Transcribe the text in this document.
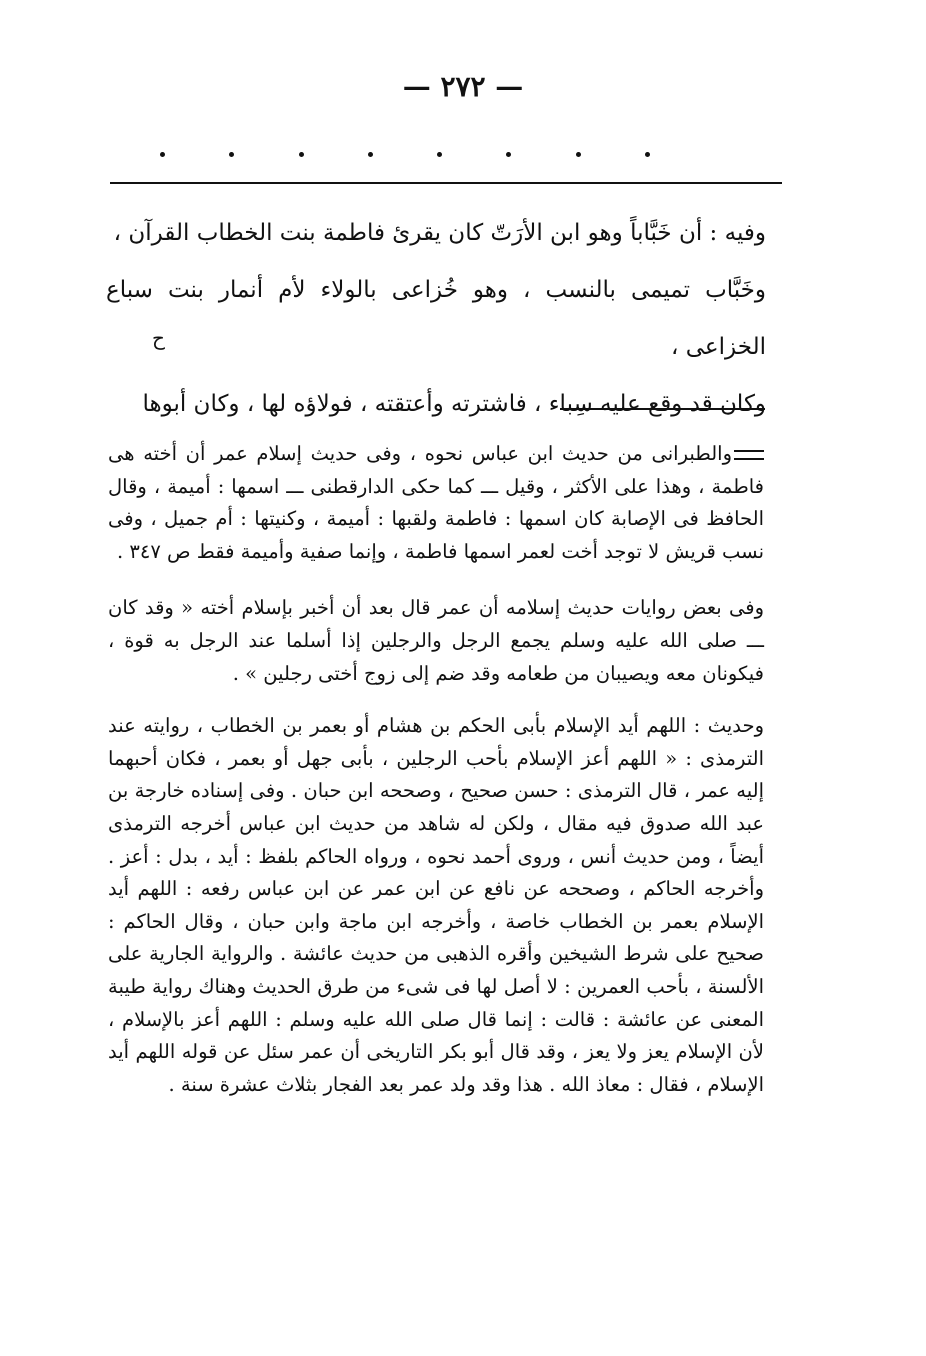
— ٢٧٢ —

وفيه : أن خَبَّاباً وهو ابن الأرَتّ كان يقرئ فاطمة بنت الخطاب القرآن ،

وخَبَّاب تميمى بالنسب ، وهو خُزاعى بالولاء لأم أنمار بنت سباع الخزاعى ،

وكان قد وقع عليه سِباء ، فاشترته وأعتقته ، فولاؤه لها ، وكان أبوها

ح

والطبرانى من حديث ابن عباس نحوه ، وفى حديث إسلام عمر أن أخته هى فاطمة ، وهذا على الأكثر ، وقيل ـــ كما حكى الدارقطنى ـــ اسمها : أميمة ، وقال الحافظ فى الإصابة كان اسمها : فاطمة ولقبها : أميمة ، وكنيتها : أم جميل ، وفى نسب قريش لا توجد أخت لعمر اسمها فاطمة ، وإنما صفية وأميمة فقط ص ٣٤٧ .

وفى بعض روايات حديث إسلامه أن عمر قال بعد أن أخبر بإسلام أخته « وقد كان ـــ صلى الله عليه وسلم يجمع الرجل والرجلين إذا أسلما عند الرجل به قوة ، فيكونان معه ويصيبان من طعامه وقد ضم إلى زوج أختى رجلين » .

وحديث : اللهم أيد الإسلام بأبى الحكم بن هشام أو بعمر بن الخطاب ، روايته عند الترمذى : « اللهم أعز الإسلام بأحب الرجلين ، بأبى جهل أو بعمر ، فكان أحبهما إليه عمر ، قال الترمذى : حسن صحيح ، وصححه ابن حبان . وفى إسناده خارجة بن عبد الله صدوق فيه مقال ، ولكن له شاهد من حديث ابن عباس أخرجه الترمذى أيضاً ، ومن حديث أنس ، وروى أحمد نحوه ، ورواه الحاكم بلفظ : أيد ، بدل : أعز . وأخرجه الحاكم ، وصححه عن نافع عن ابن عمر عن ابن عباس رفعه : اللهم أيد الإسلام بعمر بن الخطاب خاصة ، وأخرجه ابن ماجة وابن حبان ، وقال الحاكم : صحيح على شرط الشيخين وأقره الذهبى من حديث عائشة . والرواية الجارية على الألسنة ، بأحب العمرين : لا أصل لها فى شىء من طرق الحديث وهناك رواية طيبة المعنى عن عائشة : قالت : إنما قال صلى الله عليه وسلم : اللهم أعز بالإسلام ، لأن الإسلام يعز ولا يعز ، وقد قال أبو بكر التاريخى أن عمر سئل عن قوله اللهم أيد الإسلام ، فقال : معاذ الله . هذا وقد ولد عمر بعد الفجار بثلاث عشرة سنة .
